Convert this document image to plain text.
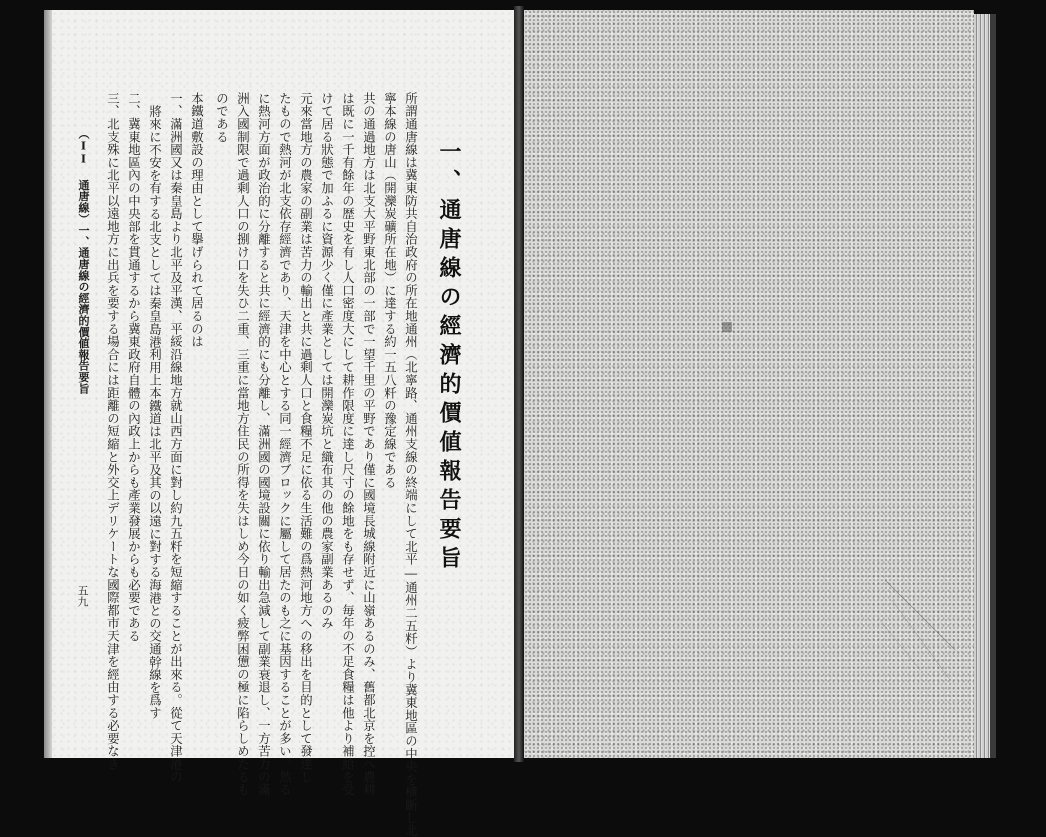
一、通唐線の經濟的價値報告要旨
所謂通唐線は冀東防共自治政府の所在地通州（北寧路、通州支線の終端にして北平―通州二五粁）より冀東地區の中央を横斷し北
寧本線の唐山（開灤炭礦所在地）に達する約一五八粁の豫定線である
共の通過地方は北支大平野東北部の一部で一望千里の平野であり僅に國境長城線附近に山嶺あるのみ、舊都北京を控へ農耕
は既に一千有餘年の歴史を有し人口密度大にして耕作限度に達し尺寸の餘地をも存せず、毎年の不足食糧は他より補給を受
けて居る狀態で加ふるに資源少く僅に產業としては開灤炭坑と織布其の他の農家副業あるのみ
元來當地方の農家の副業は苦力の輸出と共に過剩人口と食糧不足に依る生活難の爲熱河地方への移出を目的として發達し
たもので熱河が北支依存經濟であり、天津を中心とする同一經濟ブロックに屬して居たのも之に基因することが多い。然る
に熱河方面が政治的に分離すると共に經濟的にも分離し、滿洲國の國境設關に依り輸出急減して副業衰退し、一方苦力の滿
洲入國制限で過剩人口の捌け口を失ひ二重、三重に當地方住民の所得を失はしめ今日の如く疲弊困憊の極に陷らしめたるも
のである
本鐵道敷設の理由として擧げられて居るのは
一、滿洲國又は秦皇島より北平及平漢、平綏沿線地方就山西方面に對し約九五粁を短縮することが出來る。從て天津港の
將來に不安を有する北支としては秦皇島港利用上本鐵道は北平及其の以遠に對する海港との交通幹線を爲す
二、冀東地區內の中央部を貫通するから冀東政府自體の內政上からも產業發展からも必要である
三、北支殊に北平以遠地方に出兵を要する場合には距離の短縮と外交上デリケートな國際都市天津を經由する必要なき
（II 通唐線）一、通唐線の經濟的價値報告要旨
五九
